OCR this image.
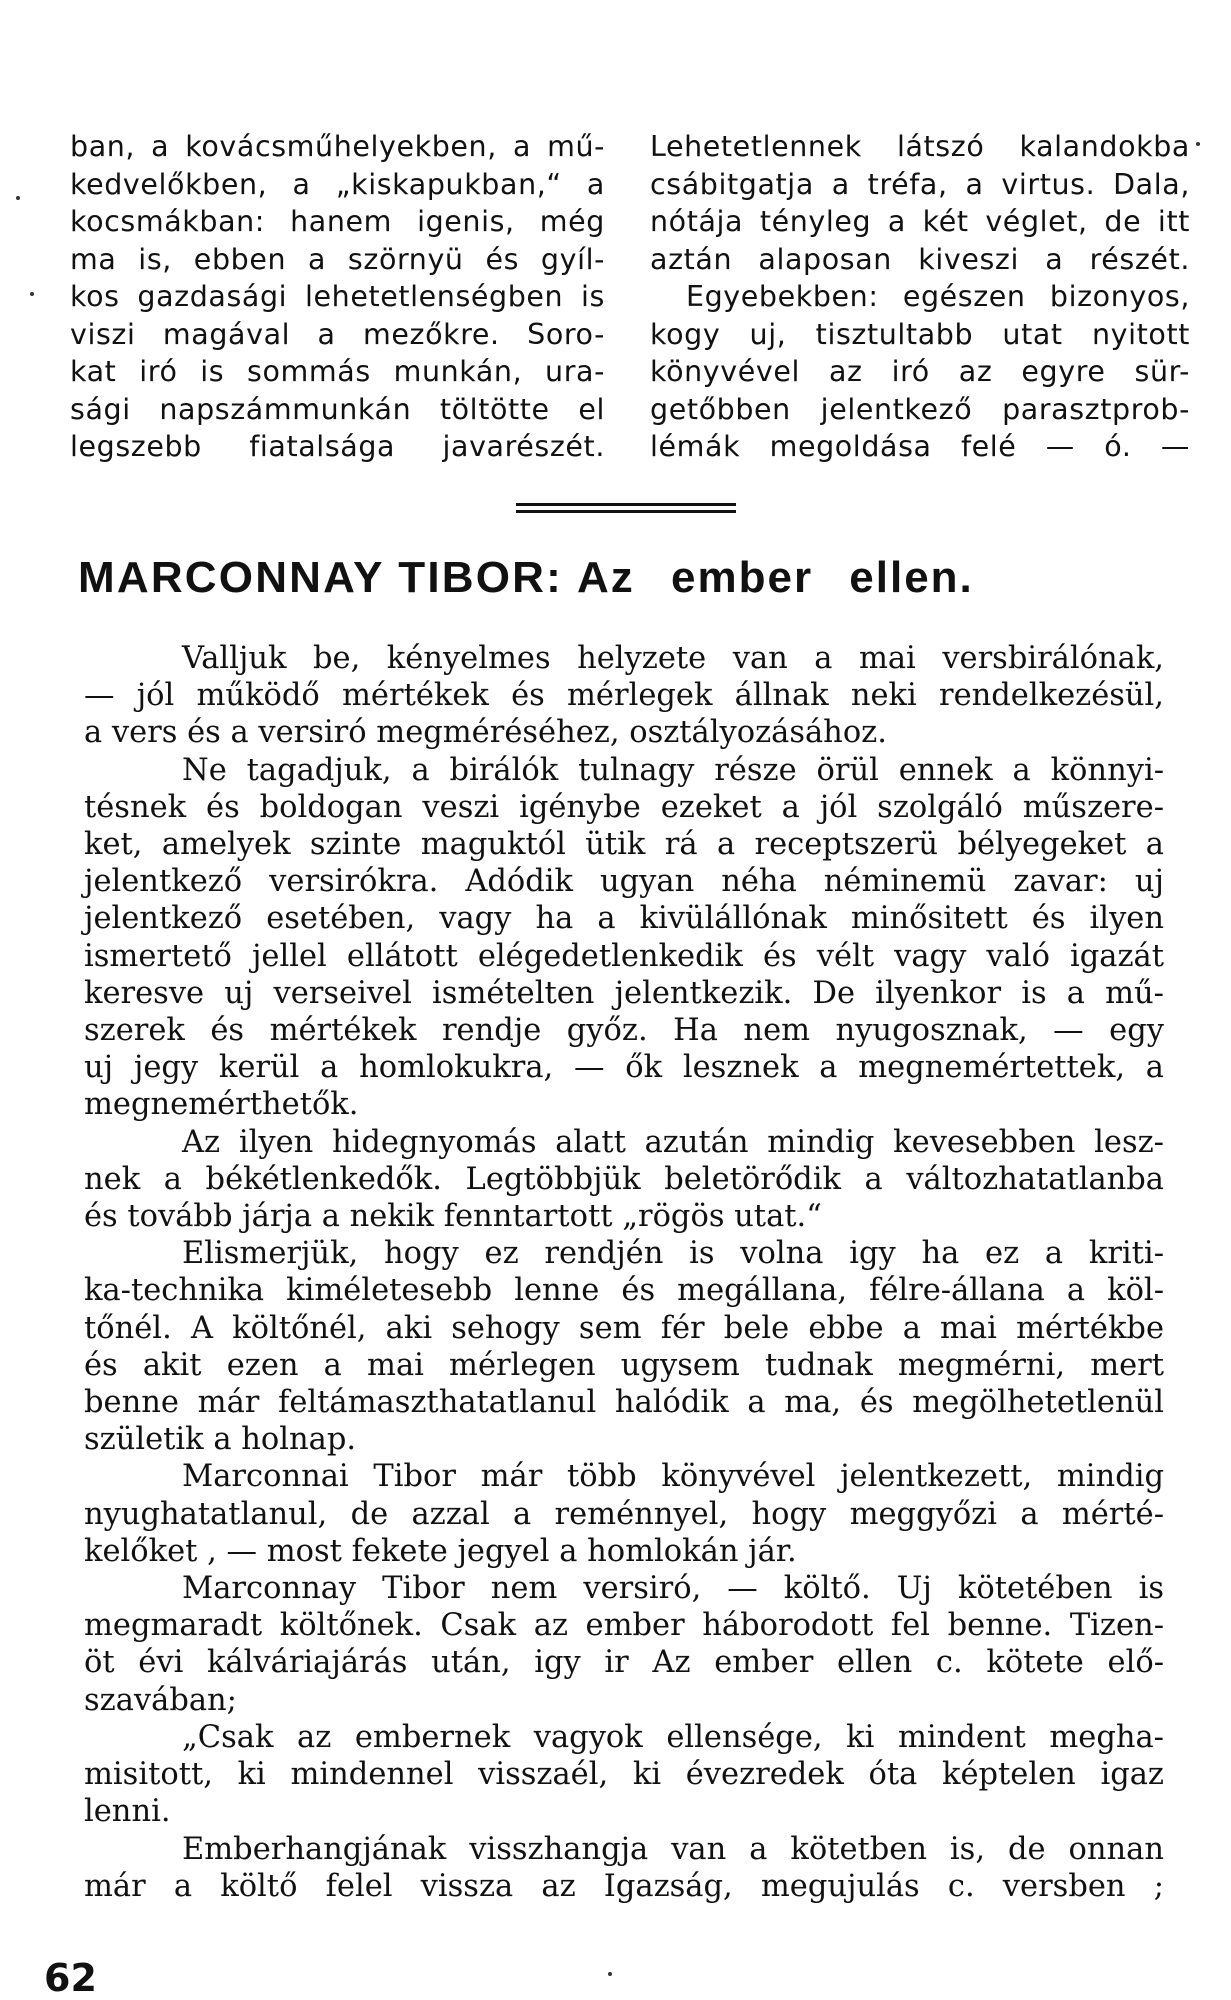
ban, a kovácsműhelyekben, a mű-
kedvelőkben, a „kiskapukban,“ a
kocsmákban: hanem igenis, még
ma is, ebben a szörnyü és gyíl-
kos gazdasági lehetetlenségben is
viszi magával a mezőkre. Soro-
kat iró is sommás munkán, ura-
sági napszámmunkán töltötte el
legszebb fiatalsága javarészét.
Lehetetlennek látszó kalandokba
csábitgatja a tréfa, a virtus. Dala,
nótája tényleg a két véglet, de itt
aztán alaposan kiveszi a részét.
Egyebekben: egészen bizonyos,
kogy uj, tisztultabb utat nyitott
könyvével az iró az egyre sür-
getőbben jelentkező parasztprob-
lémák megoldása felé — ó. —
MARCONNAY TIBOR: Az ember ellen.
Valljuk be, kényelmes helyzete van a mai versbirálónak,
— jól működő mértékek és mérlegek állnak neki rendelkezésül,
a vers és a versiró megméréséhez, osztályozásához.
Ne tagadjuk, a birálók tulnagy része örül ennek a könnyi-
tésnek és boldogan veszi igénybe ezeket a jól szolgáló műszere-
ket, amelyek szinte maguktól ütik rá a receptszerü bélyegeket a
jelentkező versirókra. Adódik ugyan néha néminemü zavar: uj
jelentkező esetében, vagy ha a kivülállónak minősitett és ilyen
ismertető jellel ellátott elégedetlenkedik és vélt vagy való igazát
keresve uj verseivel ismételten jelentkezik. De ilyenkor is a mű-
szerek és mértékek rendje győz. Ha nem nyugosznak, — egy
uj jegy kerül a homlokukra, — ők lesznek a megnemértettek, a
megnemérthetők.
Az ilyen hidegnyomás alatt azután mindig kevesebben lesz-
nek a békétlenkedők. Legtöbbjük beletörődik a változhatatlanba
és tovább járja a nekik fenntartott „rögös utat.“
Elismerjük, hogy ez rendjén is volna igy ha ez a kriti-
ka-technika kiméletesebb lenne és megállana, félre-állana a köl-
tőnél. A költőnél, aki sehogy sem fér bele ebbe a mai mértékbe
és akit ezen a mai mérlegen ugysem tudnak megmérni, mert
benne már feltámaszthatatlanul halódik a ma, és megölhetetlenül
születik a holnap.
Marconnai Tibor már több könyvével jelentkezett, mindig
nyughatatlanul, de azzal a reménnyel, hogy meggyőzi a mérté-
kelőket , — most fekete jegyel a homlokán jár.
Marconnay Tibor nem versiró, — költő. Uj kötetében is
megmaradt költőnek. Csak az ember háborodott fel benne. Tizen-
öt évi kálváriajárás után, igy ir Az ember ellen c. kötete elő-
szavában;
„Csak az embernek vagyok ellensége, ki mindent megha-
misitott, ki mindennel visszaél, ki évezredek óta képtelen igaz
lenni.
Emberhangjának visszhangja van a kötetben is, de onnan
már a költő felel vissza az Igazság, megujulás c. versben ;
62
